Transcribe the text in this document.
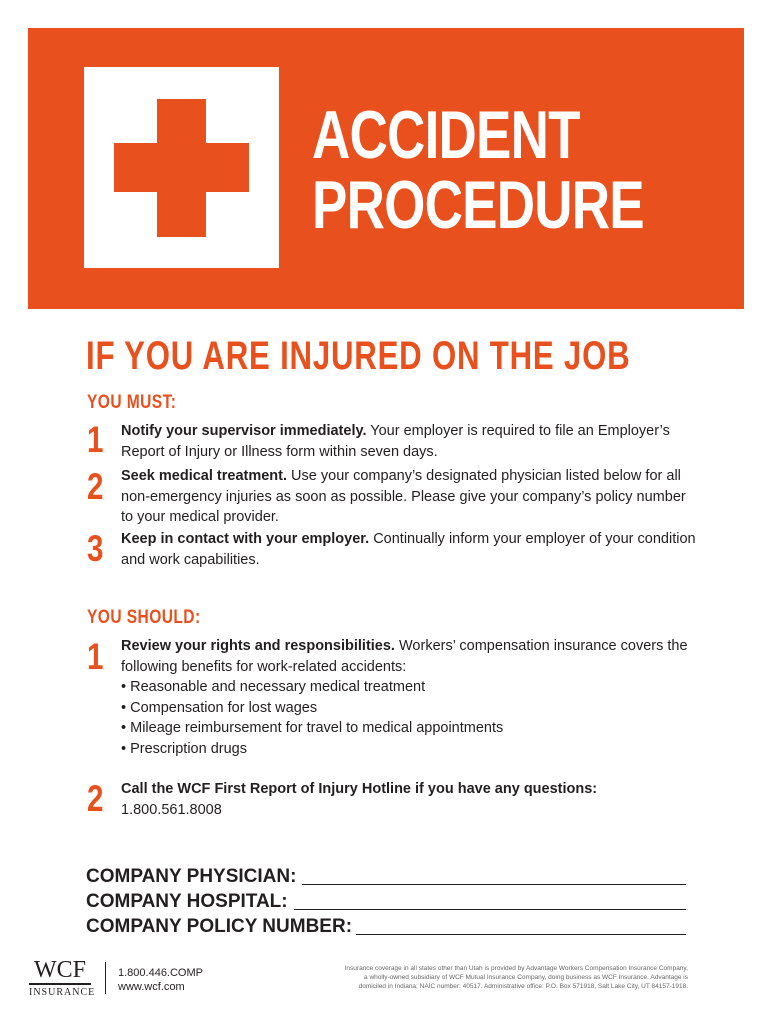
ACCIDENT
PROCEDURE
IF YOU ARE INJURED ON THE JOB
YOU MUST:
1 Notify your supervisor immediately. Your employer is required to file an Employer’s Report of Injury or Illness form within seven days.
2 Seek medical treatment. Use your company’s designated physician listed below for all non-emergency injuries as soon as possible. Please give your company’s policy number to your medical provider.
3 Keep in contact with your employer. Continually inform your employer of your condition and work capabilities.
YOU SHOULD:
1 Review your rights and responsibilities. Workers’ compensation insurance covers the following benefits for work-related accidents:
• Reasonable and necessary medical treatment
• Compensation for lost wages
• Mileage reimbursement for travel to medical appointments
• Prescription drugs
2 Call the WCF First Report of Injury Hotline if you have any questions:
1.800.561.8008
COMPANY PHYSICIAN:
COMPANY HOSPITAL:
COMPANY POLICY NUMBER:
WCF
INSURANCE
1.800.446.COMP
www.wcf.com
Insurance coverage in all states other than Utah is provided by Advantage Workers Compensation Insurance Company,
a wholly-owned subsidiary of WCF Mutual Insurance Company, doing business as WCF Insurance. Advantage is
domiciled in Indiana; NAIC number: 40517. Administrative office: P.O. Box 571918, Salt Lake City, UT 84157-1918.
